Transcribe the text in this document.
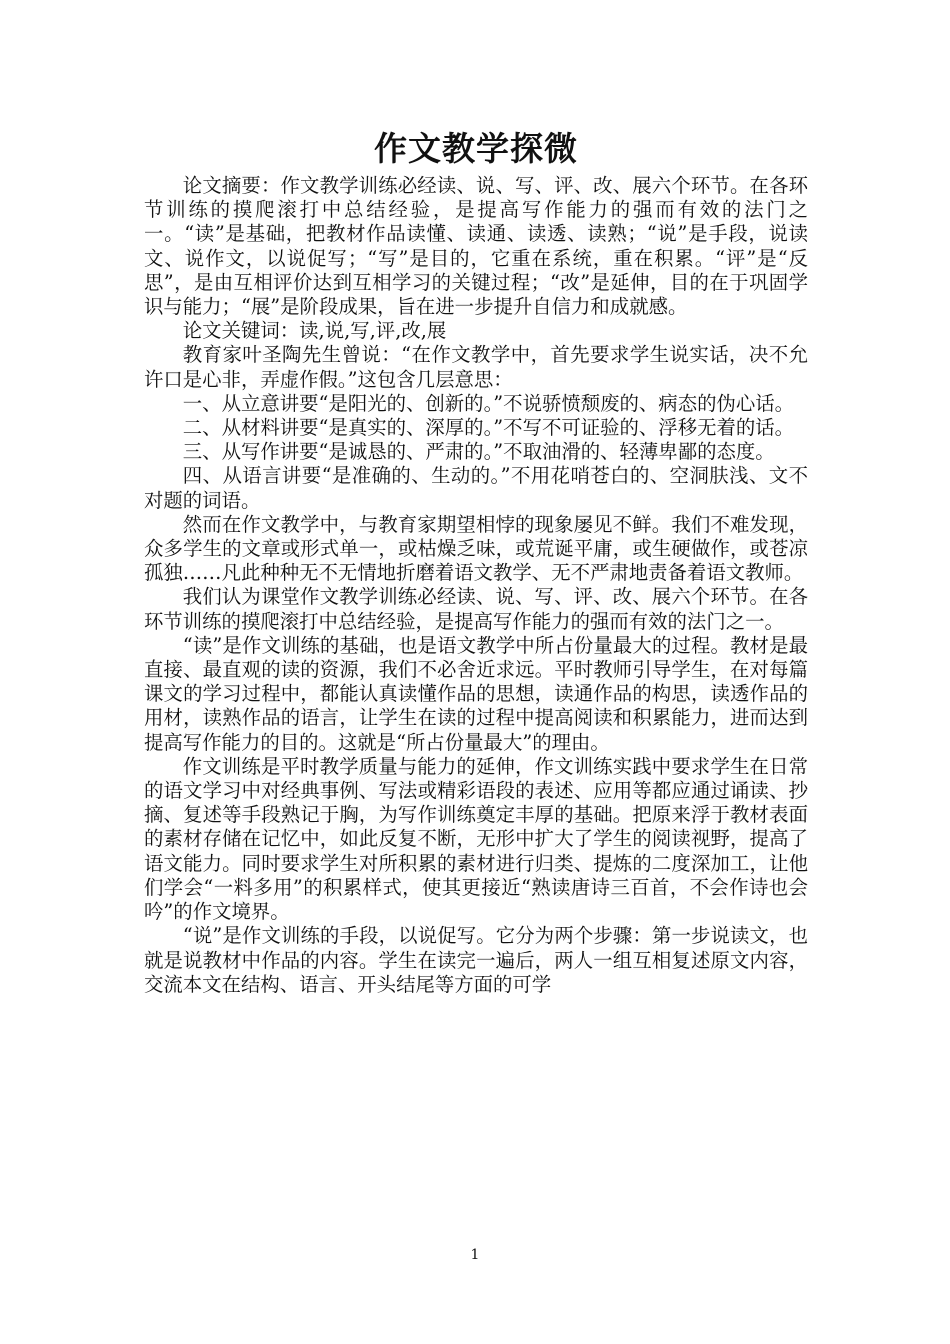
作文教学探微

论文摘要：作文教学训练必经读、说、写、评、改、展六个环节。在各环节训练的摸爬滚打中总结经验，是提高写作能力的强而有效的法门之一。“读”是基础，把教材作品读懂、读通、读透、读熟；“说”是手段，说读文、说作文，以说促写；“写”是目的，它重在系统，重在积累。“评”是“反思”，是由互相评价达到互相学习的关键过程；“改”是延伸，目的在于巩固学识与能力；“展”是阶段成果，旨在进一步提升自信力和成就感。

论文关键词：读,说,写,评,改,展

教育家叶圣陶先生曾说：“在作文教学中，首先要求学生说实话，决不允许口是心非，弄虚作假。”这包含几层意思：

一、从立意讲要“是阳光的、创新的。”不说骄愤颓废的、病态的伪心话。

二、从材料讲要“是真实的、深厚的。”不写不可证验的、浮移无着的话。

三、从写作讲要“是诚恳的、严肃的。”不取油滑的、轻薄卑鄙的态度。

四、从语言讲要“是准确的、生动的。”不用花哨苍白的、空洞肤浅、文不对题的词语。

然而在作文教学中，与教育家期望相悖的现象屡见不鲜。我们不难发现，众多学生的文章或形式单一，或枯燥乏味，或荒诞平庸，或生硬做作，或苍凉孤独……凡此种种无不无情地折磨着语文教学、无不严肃地责备着语文教师。

我们认为课堂作文教学训练必经读、说、写、评、改、展六个环节。在各环节训练的摸爬滚打中总结经验，是提高写作能力的强而有效的法门之一。

“读”是作文训练的基础，也是语文教学中所占份量最大的过程。教材是最直接、最直观的读的资源，我们不必舍近求远。平时教师引导学生，在对每篇课文的学习过程中，都能认真读懂作品的思想，读通作品的构思，读透作品的用材，读熟作品的语言，让学生在读的过程中提高阅读和积累能力，进而达到提高写作能力的目的。这就是“所占份量最大”的理由。

作文训练是平时教学质量与能力的延伸，作文训练实践中要求学生在日常的语文学习中对经典事例、写法或精彩语段的表述、应用等都应通过诵读、抄摘、复述等手段熟记于胸，为写作训练奠定丰厚的基础。把原来浮于教材表面的素材存储在记忆中，如此反复不断，无形中扩大了学生的阅读视野，提高了语文能力。同时要求学生对所积累的素材进行归类、提炼的二度深加工，让他们学会“一料多用”的积累样式，使其更接近“熟读唐诗三百首，不会作诗也会吟”的作文境界。

“说”是作文训练的手段，以说促写。它分为两个步骤：第一步说读文，也就是说教材中作品的内容。学生在读完一遍后，两人一组互相复述原文内容，交流本文在结构、语言、开头结尾等方面的可学

1
